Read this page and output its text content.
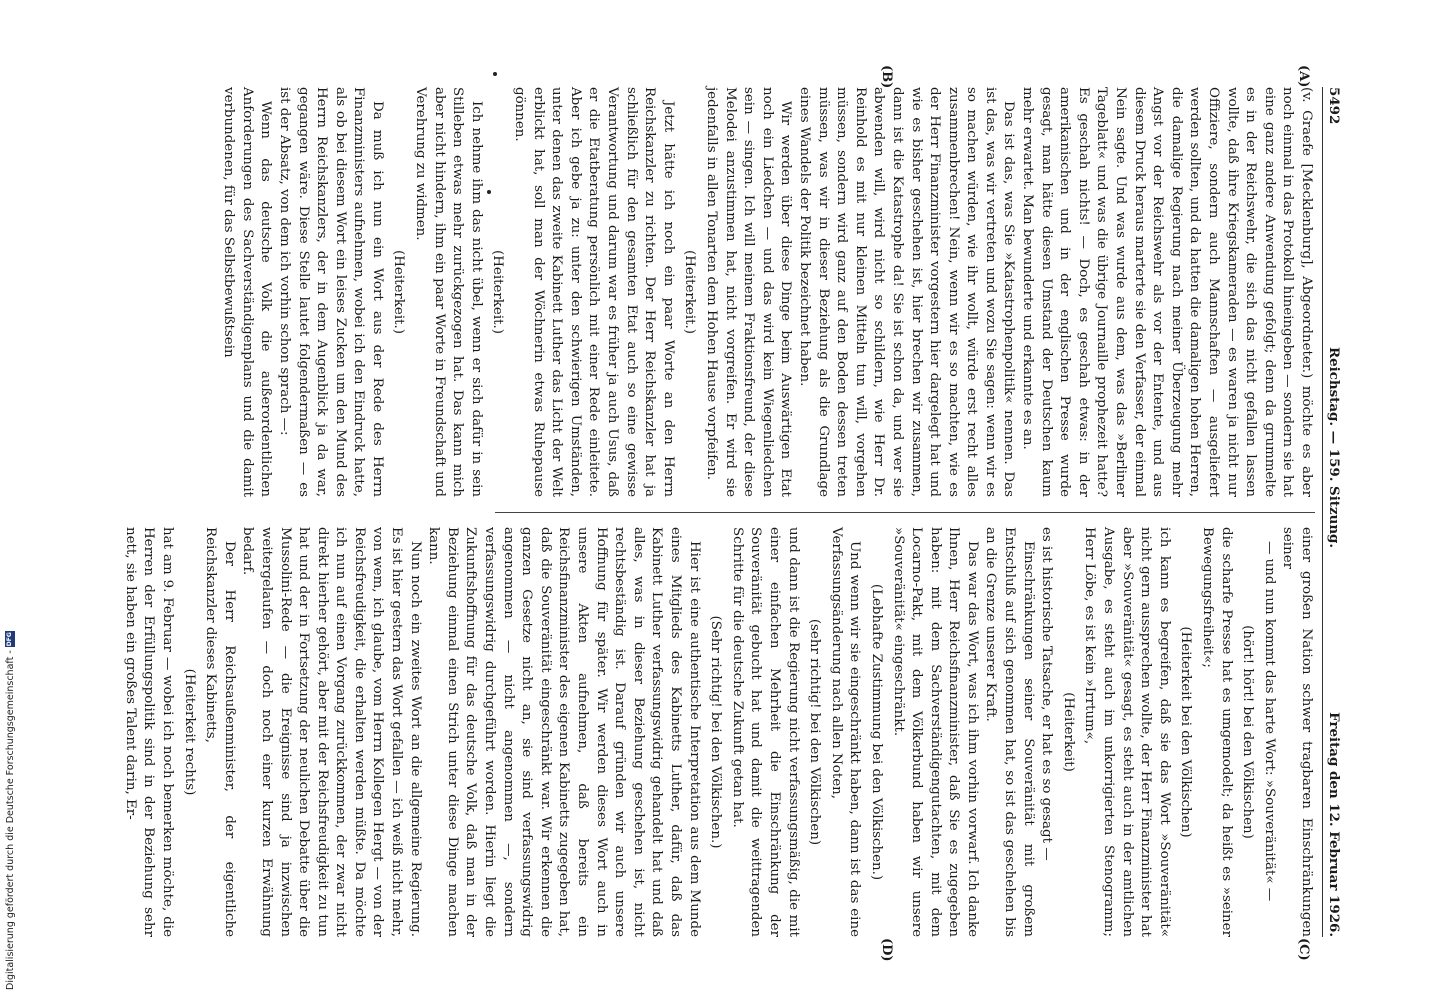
Digitalisierung gefördert durch die Deutsche Forschungsgemeinschaft -
DFG
5492
Reichstag. — 159. Sitzung.
Freitag den 12. Februar 1926.
(A)
(B)
(C)
(D)

(v. Graefe [Mecklenburg], Abgeordneter.) möchte es aber noch einmal in das Protokoll hineingeben — sondern sie hat eine ganz andere Anwendung gefolgt; denn da grummelte es in der Reichswehr, die sich das nicht gefallen lassen wollte, daß ihre Kriegskameraden — es waren ja nicht nur Offiziere, sondern auch Mannschaften — ausgeliefert werden sollten, und da hatten die damaligen hohen Herren, die damalige Regierung nach meiner Überzeugung mehr Angst vor der Reichswehr als vor der Entente, und aus diesem Druck heraus marterte sie den Verfasser, der einmal Nein sagte. Und was wurde aus dem, was das »Berliner Tageblatt« und was die übrige Journaille prophezeit hatte? Es geschah nichts! — Doch, es geschah etwas: in der amerikanischen und in der englischen Presse wurde gesagt, man hätte diesen Umstand der Deutschen kaum mehr erwartet. Man bewunderte und erkannte es an.

Das ist das, was Sie »Katastrophenpolitik« nennen. Das ist das, was wir vertreten und wozu Sie sagen: wenn wir es so machen würden, wie ihr wollt, würde erst recht alles zusammenbrechen! Nein, wenn wir es so machten, wie es der Herr Finanzminister vorgestern hier dargelegt hat und wie es bisher geschehen ist, hier brechen wir zusammen, dann ist die Katastrophe da! Sie ist schon da, und wer sie abwenden will, wird nicht so schildern, wie Herr Dr. Reinhold es mit nur kleinen Mitteln tun will, vorgehen müssen, sondern wird ganz auf den Boden dessen treten müssen, was wir in dieser Beziehung als die Grundlage eines Wandels der Politik bezeichnet haben.

Wir werden über diese Dinge beim Auswärtigen Etat noch ein Liedchen — und das wird kein Wiegenliedchen sein — singen. Ich will meinem Fraktionsfreund, der diese Melodei anzustimmen hat, nicht vorgreifen. Er wird sie jedenfalls in allen Tonarten dem Hohen Hause vorpfeifen.

(Heiterkeit.)

Jetzt hätte ich noch ein paar Worte an den Herrn Reichskanzler zu richten. Der Herr Reichskanzler hat ja schließlich für den gesamten Etat auch so eine gewisse Verantwortung und darum war es früher ja auch Usus, daß er die Etatberatung persönlich mit einer Rede einleitete. Aber ich gebe ja zu: unter den schwierigen Umständen, unter denen das zweite Kabinett Luther das Licht der Welt erblickt hat, soll man der Wöchnerin etwas Ruhepause gönnen.

(Heiterkeit.)

Ich nehme ihm das nicht übel, wenn er sich dafür in sein Stilleben etwas mehr zurückgezogen hat. Das kann mich aber nicht hindern, ihm ein paar Worte in Freundschaft und Verehrung zu widmen.

(Heiterkeit.)

Da muß ich nun ein Wort aus der Rede des Herrn Finanzministers aufnehmen, wobei ich den Eindruck hatte, als ob bei diesem Wort ein leises Zucken um den Mund des Herrn Reichskanzlers, der in dem Augenblick ja da war, gegangen wäre. Diese Stelle lautet folgendermaßen — es ist der Absatz, von dem ich vorhin schon sprach —:

Wenn das deutsche Volk die außerordentlichen Anforderungen des Sachverständigenplans und die damit verbundenen, für das Selbstbewußtsein

einer großen Nation schwer tragbaren Einschränkungen seiner

— und nun kommt das harte Wort: »Souveränität« —

(hört! hört! bei den Völkischen)

die scharfe Presse hat es umgemodelt; da heißt es »seiner Bewegungsfreiheit«;

(Heiterkeit bei den Völkischen)

ich kann es begreifen, daß sie das Wort »Souveränität« nicht gern aussprechen wollte, der Herr Finanzminister hat aber »Souveränität« gesagt, es steht auch in der amtlichen Ausgabe, es steht auch im unkorrigierten Stenogramm; Herr Löbe, es ist kein »Irrtum«,

(Heiterkeit)

es ist historische Tatsache, er hat es so gesagt —

Einschränkungen seiner Souveränität mit großem Entschluß auf sich genommen hat, so ist das geschehen bis an die Grenze unserer Kraft.

Das war das Wort, was ich ihm vorhin vorwarf. Ich danke Ihnen, Herr Reichsfinanzminister, daß Sie es zugegeben haben: mit dem Sachverständigengutachten, mit dem Locarno-Pakt, mit dem Völkerbund haben wir unsere »Souveränität« eingeschränkt.

(Lebhafte Zustimmung bei den Völkischen.)

Und wenn wir sie eingeschränkt haben, dann ist das eine Verfassungsänderung nach allen Noten,

(sehr richtig! bei den Völkischen)

und dann ist die Regierung nicht verfassungsmäßig, die mit einer einfachen Mehrheit die Einschränkung der Souveränität gebucht hat und damit die weittragenden Schritte für die deutsche Zukunft getan hat.

(Sehr richtig! bei den Völkischen.)

Hier ist eine authentische Interpretation aus dem Munde eines Mitglieds des Kabinetts Luther, dafür, daß das Kabinett Luther verfassungswidrig gehandelt hat und daß alles, was in dieser Beziehung geschehen ist, nicht rechtsbeständig ist. Darauf gründen wir auch unsere Hoffnung für später. Wir werden dieses Wort auch in unsere Akten aufnehmen, daß bereits ein Reichsfinanzminister des eigenen Kabinetts zugegeben hat, daß die Souveränität eingeschränkt war. Wir erkennen die ganzen Gesetze nicht an, sie sind verfassungswidrig angenommen — nicht angenommen —, sondern verfassungswidrig durchgeführt worden. Hierin liegt die Zukunftshoffnung für das deutsche Volk, daß man in der Beziehung einmal einen Strich unter diese Dinge machen kann.

Nun noch ein zweites Wort an die allgemeine Regierung. Es ist hier gestern das Wort gefallen — ich weiß nicht mehr, von wem, ich glaube, vom Herrn Kollegen Hergt — von der Reichsfreudigkeit, die erhalten werden müßte. Da möchte ich nun auf einen Vorgang zurückkommen, der zwar nicht direkt hierher gehört, aber mit der Reichsfreudigkeit zu tun hat und der in Fortsetzung der neulichen Debatte über die Mussolini-Rede — die Ereignisse sind ja inzwischen weitergelaufen — doch noch einer kurzen Erwähnung bedarf.

Der Herr Reichsaußenminister, der eigentliche Reichskanzler dieses Kabinetts,

(Heiterkeit rechts)

hat am 9. Februar — wobei ich noch bemerken möchte, die Herren der Erfüllungspolitik sind in der Beziehung sehr nett, sie haben ein großes Talent darin, Er-
